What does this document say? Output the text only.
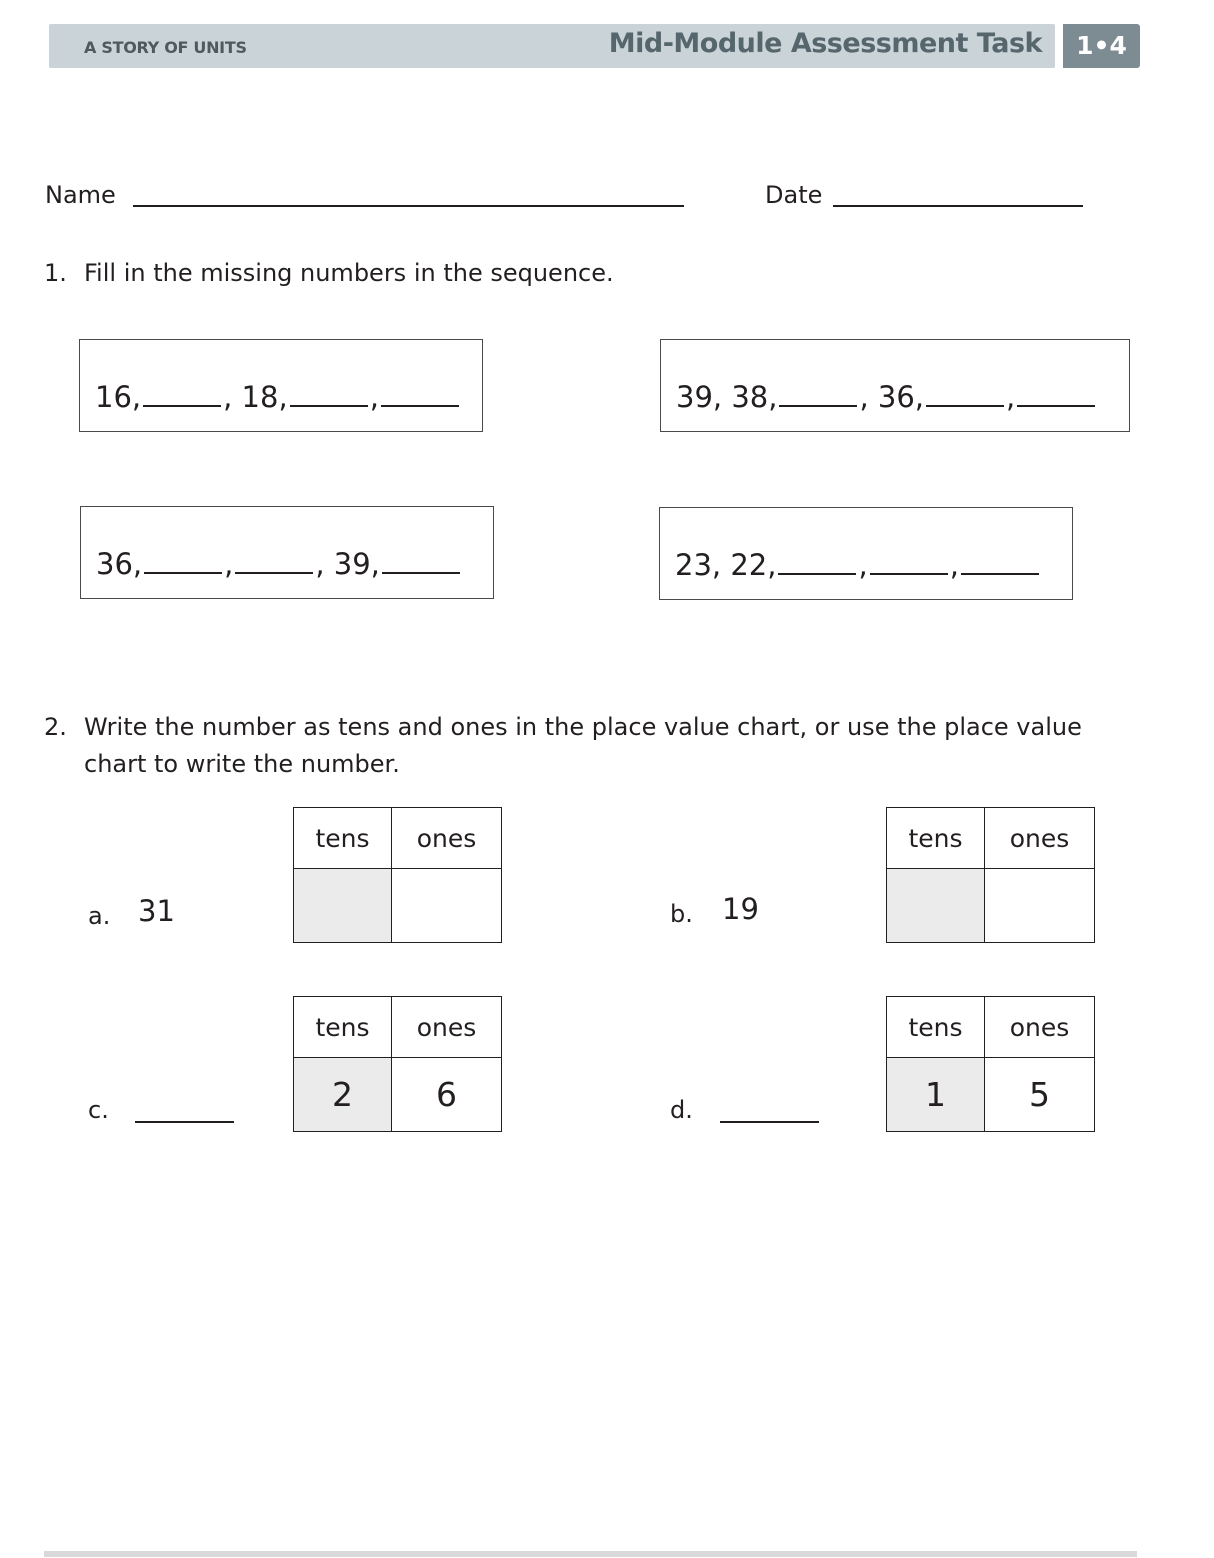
A STORY OF UNITS	Mid-Module Assessment Task	1•4
Name	Date
1. Fill in the missing numbers in the sequence.
16,	, 18,	,	39, 38,	, 36,	,
36,	,	, 39,	23, 22,	,	,
2. Write the number as tens and ones in the place value chart, or use the place value chart to write the number.
a. 31
tens	ones

b. 19
tens	ones

c.
tens	ones
2	6	d.
tens	ones
1	5
